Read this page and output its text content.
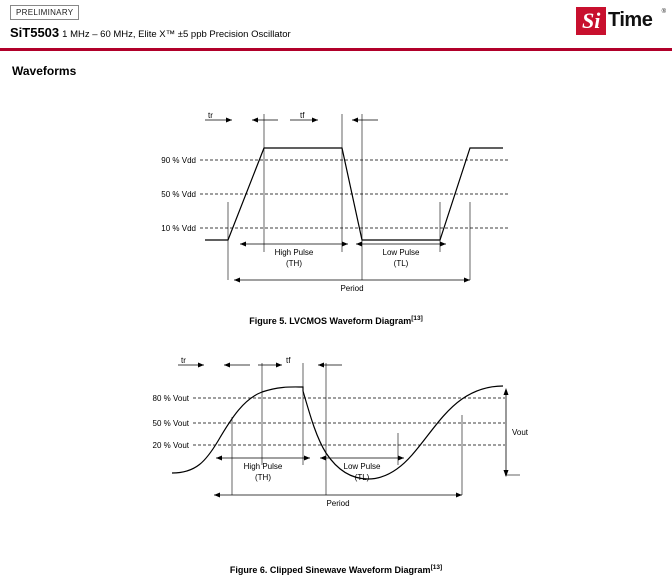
PRELIMINARY
SiT5503 1 MHz – 60 MHz, Elite X™ ±5 ppb Precision Oscillator
Si Time ®
Waveforms
90 % Vdd
50 % Vdd
10 % Vdd
tr	tf
High Pulse
(TH)
Low Pulse
(TL)
Period
Figure 5. LVCMOS Waveform Diagram[13]
80 % Vout
50 % Vout
20 % Vout
tr	tf
Vout
High Pulse
(TH)
Low Pulse
(TL)
Period
Figure 6. Clipped Sinewave Waveform Diagram[13]
